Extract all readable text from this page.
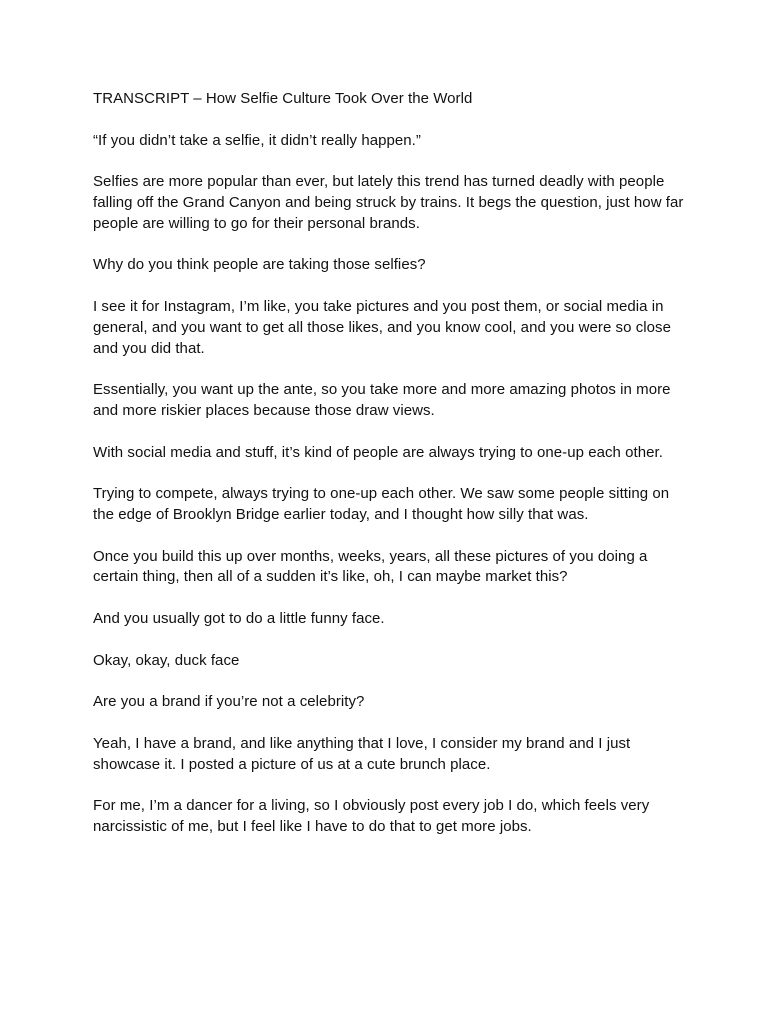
TRANSCRIPT – How Selfie Culture Took Over the World
“If you didn’t take a selfie, it didn’t really happen.”
Selfies are more popular than ever, but lately this trend has turned deadly with people falling off the Grand Canyon and being struck by trains. It begs the question, just how far people are willing to go for their personal brands.
Why do you think people are taking those selfies?
I see it for Instagram, I’m like, you take pictures and you post them, or social media in general, and you want to get all those likes, and you know cool, and you were so close and you did that.
Essentially, you want up the ante, so you take more and more amazing photos in more and more riskier places because those draw views.
With social media and stuff, it’s kind of people are always trying to one-up each other.
Trying to compete, always trying to one-up each other. We saw some people sitting on the edge of Brooklyn Bridge earlier today, and I thought how silly that was.
Once you build this up over months, weeks, years, all these pictures of you doing a certain thing, then all of a sudden it’s like, oh, I can maybe market this?
And you usually got to do a little funny face.
Okay, okay, duck face
Are you a brand if you’re not a celebrity?
Yeah, I have a brand, and like anything that I love, I consider my brand and I just showcase it. I posted a picture of us at a cute brunch place.
For me, I’m a dancer for a living, so I obviously post every job I do, which feels very narcissistic of me, but I feel like I have to do that to get more jobs.
